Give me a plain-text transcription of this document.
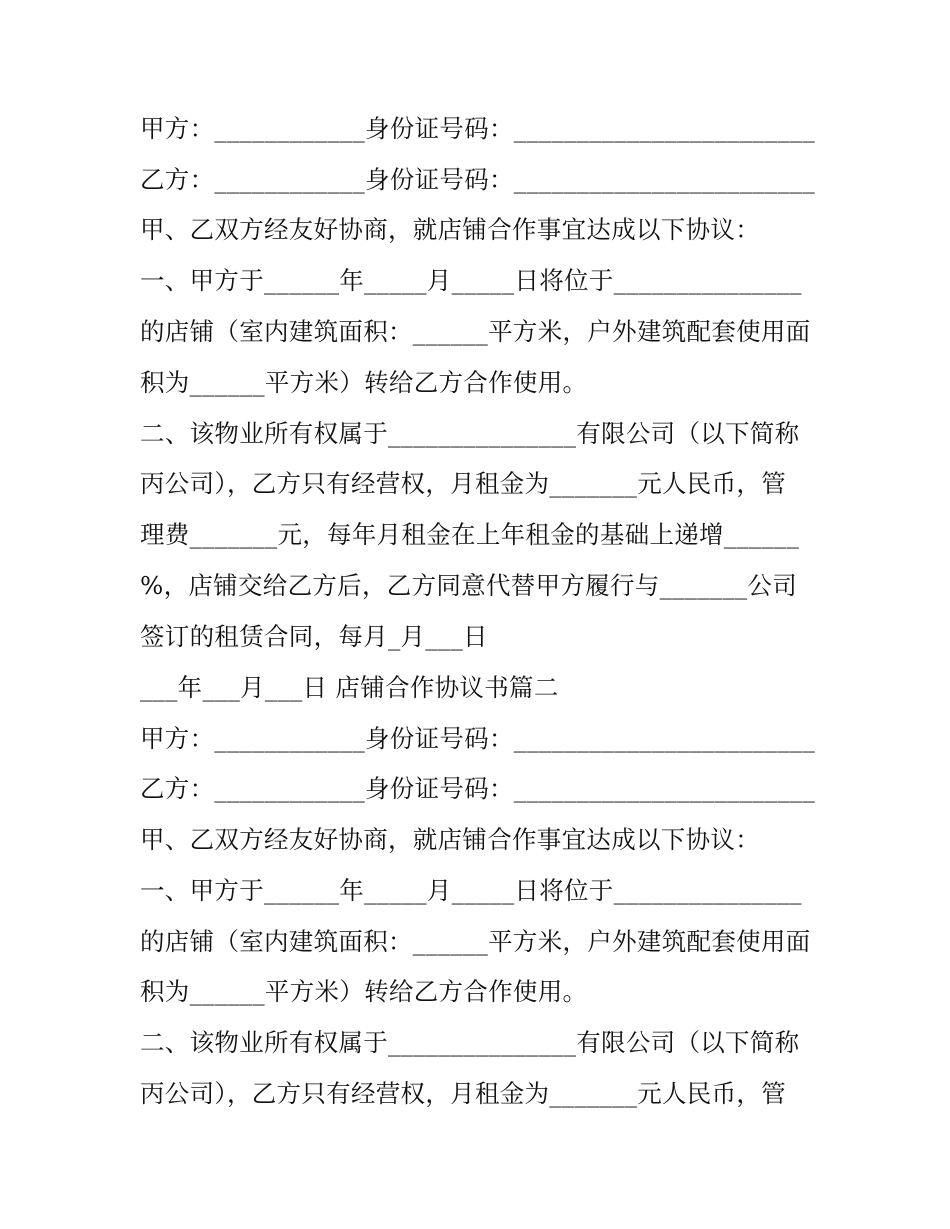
甲方：____________身份证号码：________________________
乙方：____________身份证号码：________________________
甲、乙双方经友好协商，就店铺合作事宜达成以下协议：
一、甲方于______年_____月_____日将位于_______________
的店铺（室内建筑面积：______平方米，户外建筑配套使用面
积为______平方米）转给乙方合作使用。
二、该物业所有权属于_______________有限公司（以下简称
丙公司），乙方只有经营权，月租金为_______元人民币，管
理费_______元，每年月租金在上年租金的基础上递增______
%，店铺交给乙方后，乙方同意代替甲方履行与_______公司
签订的租赁合同，每月_月___日
___年___月___日 店铺合作协议书篇二
甲方：____________身份证号码：________________________
乙方：____________身份证号码：________________________
甲、乙双方经友好协商，就店铺合作事宜达成以下协议：
一、甲方于______年_____月_____日将位于_______________
的店铺（室内建筑面积：______平方米，户外建筑配套使用面
积为______平方米）转给乙方合作使用。
二、该物业所有权属于_______________有限公司（以下简称
丙公司），乙方只有经营权，月租金为_______元人民币，管
